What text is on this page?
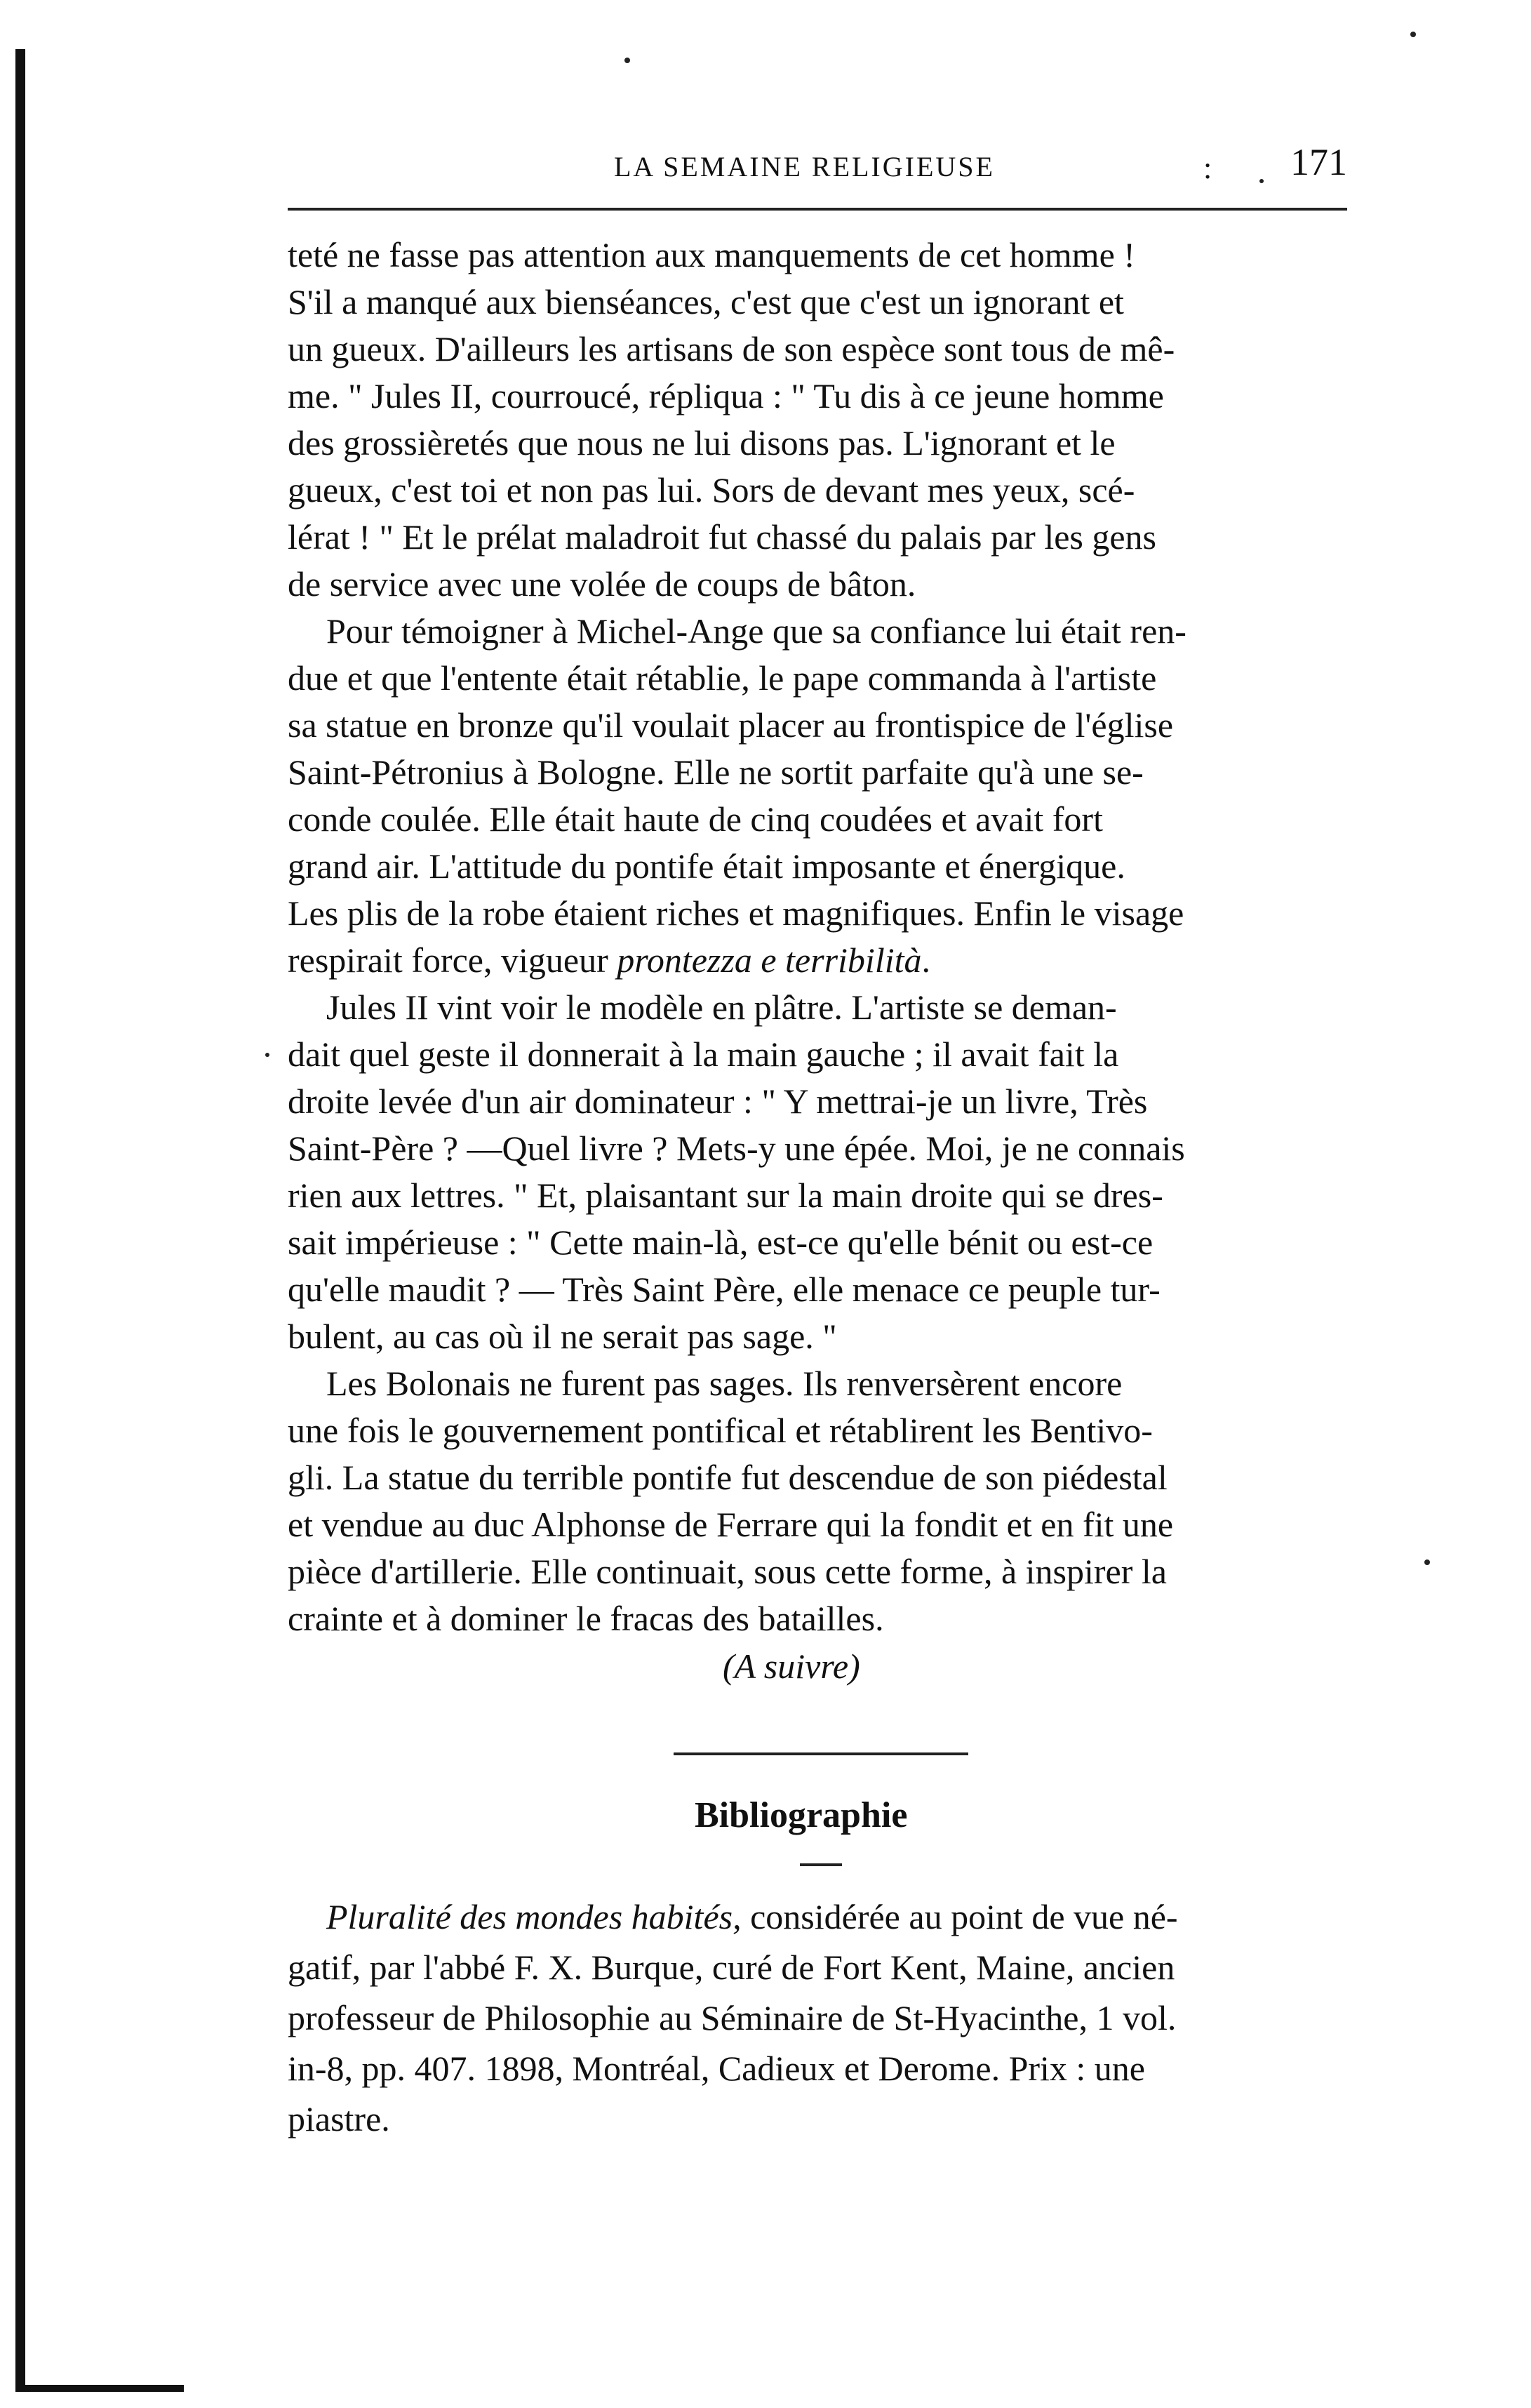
LA SEMAINE RELIGIEUSE	: 171
teté ne fasse pas attention aux manquements de cet homme !
S'il a manqué aux bienséances, c'est que c'est un ignorant et
un gueux. D'ailleurs les artisans de son espèce sont tous de mê-
me. " Jules II, courroucé, répliqua : " Tu dis à ce jeune homme
des grossièretés que nous ne lui disons pas. L'ignorant et le
gueux, c'est toi et non pas lui. Sors de devant mes yeux, scé-
lérat ! " Et le prélat maladroit fut chassé du palais par les gens
de service avec une volée de coups de bâton.
Pour témoigner à Michel-Ange que sa confiance lui était ren-
due et que l'entente était rétablie, le pape commanda à l'artiste
sa statue en bronze qu'il voulait placer au frontispice de l'église
Saint-Pétronius à Bologne. Elle ne sortit parfaite qu'à une se-
conde coulée. Elle était haute de cinq coudées et avait fort
grand air. L'attitude du pontife était imposante et énergique.
Les plis de la robe étaient riches et magnifiques. Enfin le visage
respirait force, vigueur prontezza e terribilità.
Jules II vint voir le modèle en plâtre. L'artiste se deman-
dait quel geste il donnerait à la main gauche ; il avait fait la
droite levée d'un air dominateur : " Y mettrai-je un livre, Très
Saint-Père ? —Quel livre ? Mets-y une épée. Moi, je ne connais
rien aux lettres. " Et, plaisantant sur la main droite qui se dres-
sait impérieuse : " Cette main-là, est-ce qu'elle bénit ou est-ce
qu'elle maudit ? — Très Saint Père, elle menace ce peuple tur-
bulent, au cas où il ne serait pas sage. "
Les Bolonais ne furent pas sages. Ils renversèrent encore
une fois le gouvernement pontifical et rétablirent les Bentivo-
gli. La statue du terrible pontife fut descendue de son piédestal
et vendue au duc Alphonse de Ferrare qui la fondit et en fit une
pièce d'artillerie. Elle continuait, sous cette forme, à inspirer la
crainte et à dominer le fracas des batailles.
(A suivre)
Bibliographie
Pluralité des mondes habités, considérée au point de vue né-
gatif, par l'abbé F. X. Burque, curé de Fort Kent, Maine, ancien
professeur de Philosophie au Séminaire de St-Hyacinthe, 1 vol.
in-8, pp. 407. 1898, Montréal, Cadieux et Derome. Prix : une
piastre.
